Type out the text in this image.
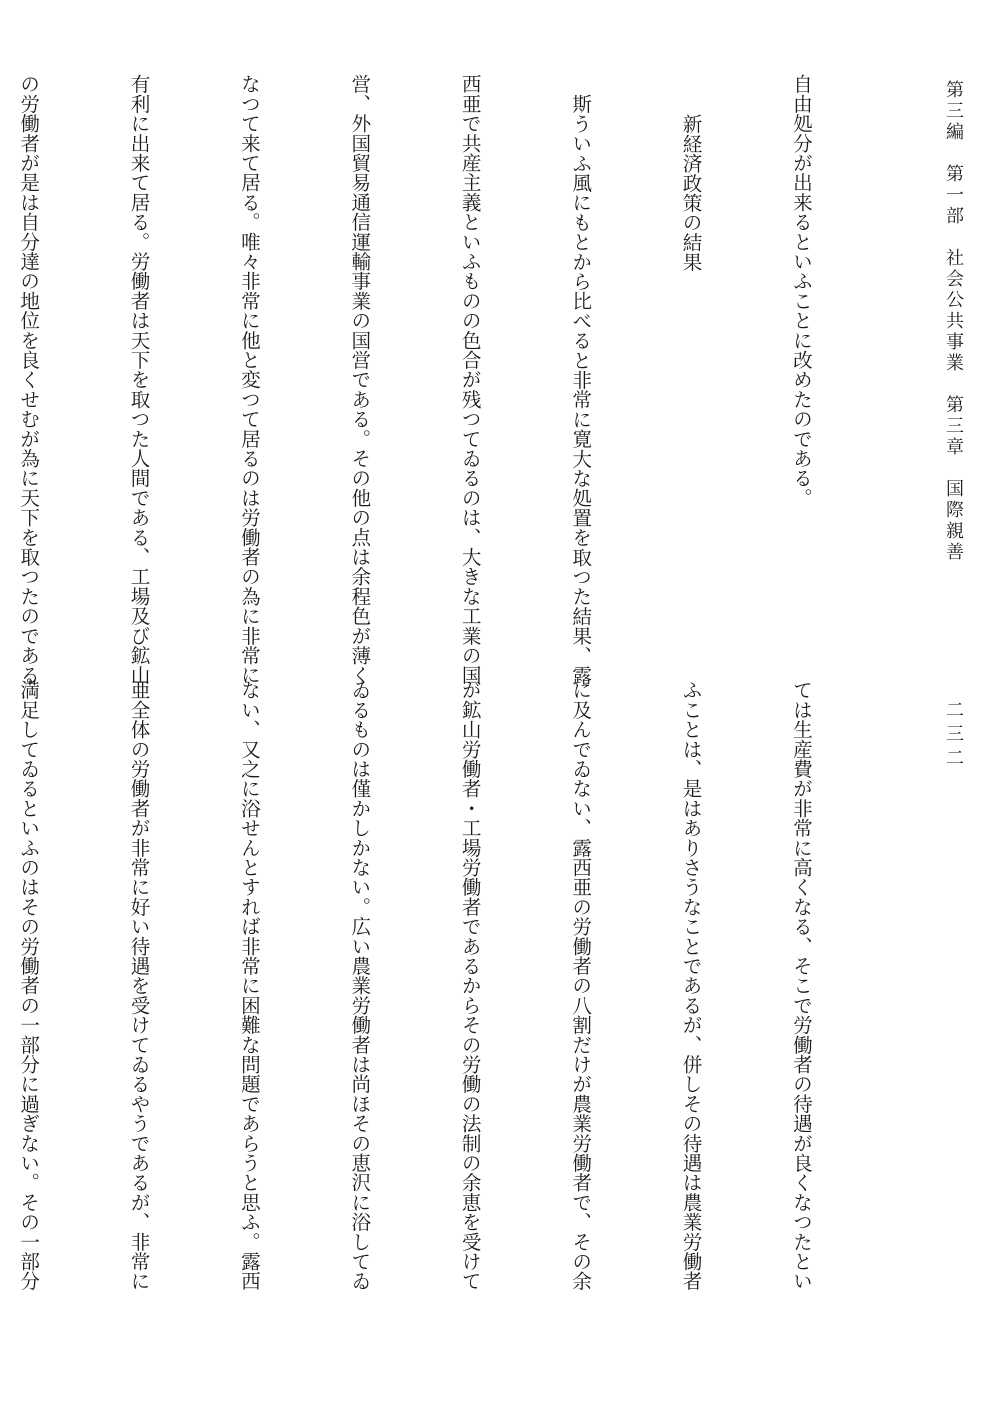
第三編　第一部　社会公共事業　第三章　国際親善
二三二

自由処分が出来るといふことに改めたのである。

新経済政策の結果

斯ういふ風にもとから比べると非常に寛大な処置を取つた結果、露

西亜で共産主義といふものの色合が残つてゐるのは、大きな工業の国

営、外国貿易通信運輸事業の国営である。その他の点は余程色が薄く

なつて来て居る。唯々非常に他と変つて居るのは労働者の為に非常に

有利に出来て居る。労働者は天下を取つた人間である、工場及び鉱山

の労働者が是は自分達の地位を良くせむが為に天下を取つたのである

ては生産費が非常に高くなる、そこで労働者の待遇が良くなつたとい

ふことは、是はありさうなことであるが、併しその待遇は農業労働者

に及んでゐない、露西亜の労働者の八割だけが農業労働者で、その余

が鉱山労働者・工場労働者であるからその労働の法制の余恵を受けて

ゐるものは僅かしかない。広い農業労働者は尚ほその恵沢に浴してゐ

ない、又之に浴せんとすれば非常に困難な問題であらうと思ふ。露西

亜全体の労働者が非常に好い待遇を受けてゐるやうであるが、非常に

満足してゐるといふのはその労働者の一部分に過ぎない。その一部分
